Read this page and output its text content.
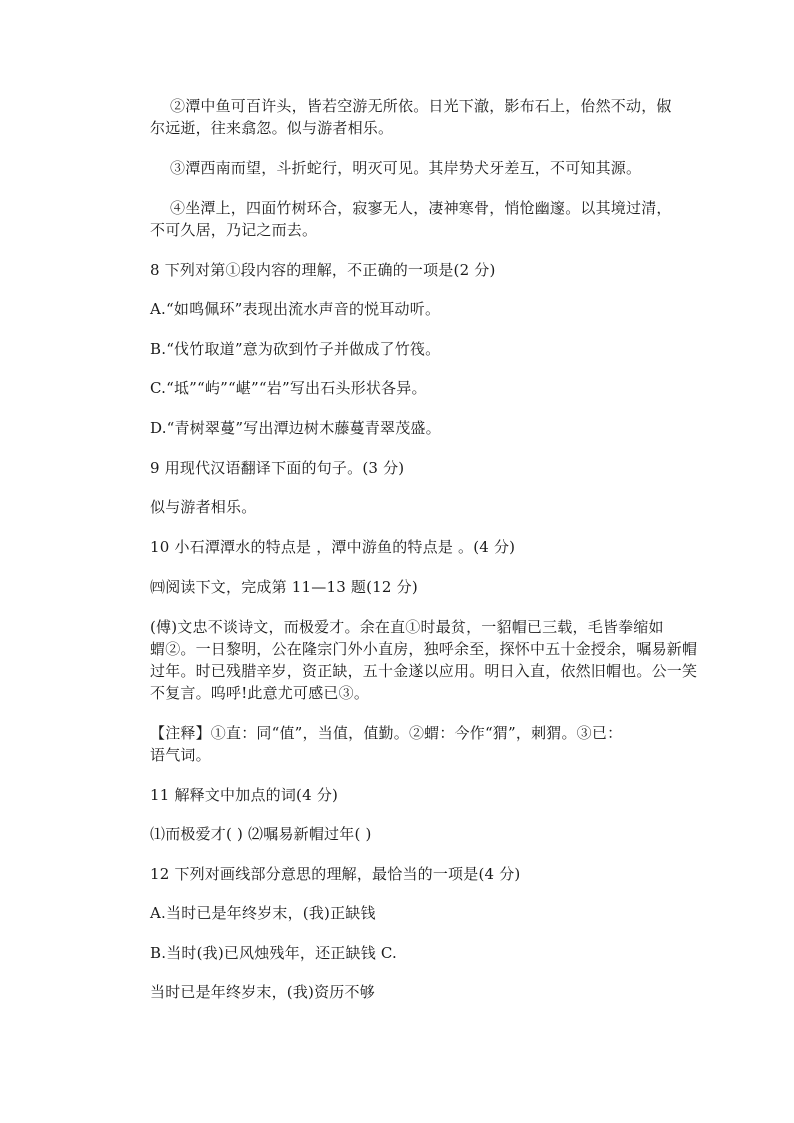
②潭中鱼可百许头，皆若空游无所依。日光下澈，影布石上，佁然不动，俶
尔远逝，往来翕忽。似与游者相乐。
③潭西南而望，斗折蛇行，明灭可见。其岸势犬牙差互，不可知其源。
④坐潭上，四面竹树环合，寂寥无人，凄神寒骨，悄怆幽邃。以其境过清，
不可久居，乃记之而去。
8 下列对第①段内容的理解，不正确的一项是(2 分)
A.“如鸣佩环”表现出流水声音的悦耳动听。
B.“伐竹取道”意为砍到竹子并做成了竹筏。
C.“坻”“屿”“嵁”“岩”写出石头形状各异。
D.“青树翠蔓”写出潭边树木藤蔓青翠茂盛。
9 用现代汉语翻译下面的句子。(3 分)
似与游者相乐。
10 小石潭潭水的特点是 ，潭中游鱼的特点是 。(4 分)
㈣阅读下文，完成第 11—13 题(12 分)
(傅)文忠不谈诗文，而极爱才。余在直①时最贫，一貂帽已三载，毛皆拳缩如
蝟②。一日黎明，公在隆宗门外小直房，独呼余至，探怀中五十金授余，嘱易新帽
过年。时已残腊辛岁，资正缺，五十金遂以应用。明日入直，依然旧帽也。公一笑
不复言。呜呼!此意尤可感已③。
【注释】①直：同“值”，当值，值勤。②蝟：今作“猬”，刺猬。③已：
语气词。
11 解释文中加点的词(4 分)
⑴而极爱才( ) ⑵嘱易新帽过年( )
12 下列对画线部分意思的理解，最恰当的一项是(4 分)
A.当时已是年终岁末，(我)正缺钱
B.当时(我)已风烛残年，还正缺钱 C.
当时已是年终岁末，(我)资历不够
